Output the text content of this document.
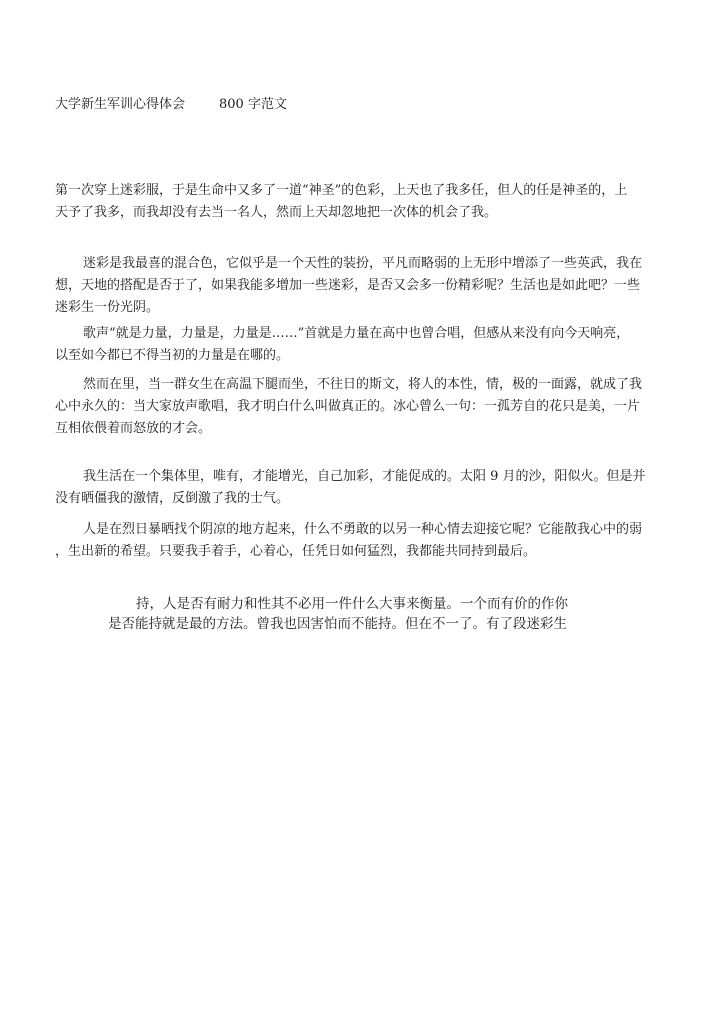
大学新生军训心得体会	800 字范文
第一次穿上迷彩服，于是生命中又多了一道“神圣”的色彩，上天也了我多任，但人的任是神圣的，上
天予了我多，而我却没有去当一名人，然而上天却忽地把一次体的机会了我。
迷彩是我最喜的混合色，它似乎是一个天性的装扮，平凡而略弱的上无形中增添了一些英武，我在
想，天地的搭配是否于了，如果我能多增加一些迷彩，是否又会多一份精彩呢？生活也是如此吧？一些
迷彩生一份光阴。
歌声“就是力量，力量是，力量是……”首就是力量在高中也曾合唱，但感从来没有向今天响亮，
以至如今都已不得当初的力量是在哪的。
然而在里，当一群女生在高温下腿而坐，不往日的斯文，将人的本性，情，极的一面露，就成了我
心中永久的：当大家放声歌唱，我才明白什么叫做真正的。冰心曾么一句：一孤芳自的花只是美，一片
互相依偎着而怒放的才会。
我生活在一个集体里，唯有，才能增光，自己加彩，才能促成的。太阳 9 月的沙，阳似火。但是并
没有晒僵我的激情，反倒激了我的士气。
人是在烈日暴晒找个阴凉的地方起来，什么不勇敢的以另一种心情去迎接它呢？它能散我心中的弱
，生出新的希望。只要我手着手，心着心，任凭日如何猛烈，我都能共同持到最后。
持，人是否有耐力和性其不必用一件什么大事来衡量。一个而有价的作你
是否能持就是最的方法。曾我也因害怕而不能持。但在不一了。有了段迷彩生
